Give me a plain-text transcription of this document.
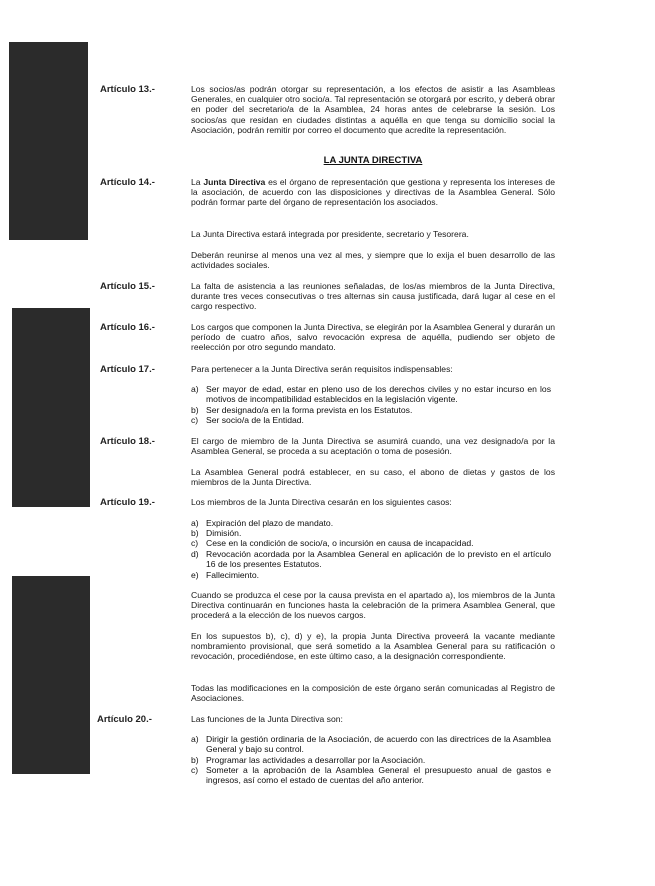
Artículo 13.-	Los socios/as podrán otorgar su representación, a los efectos de asistir a las Asambleas Generales, en cualquier otro socio/a. Tal representación se otorgará por escrito, y deberá obrar en poder del secretario/a de la Asamblea, 24 horas antes de celebrarse la sesión. Los socios/as que residan en ciudades distintas a aquélla en que tenga su domicilio social la Asociación, podrán remitir por correo el documento que acredite la representación.
LA JUNTA DIRECTIVA
Artículo 14.-	La Junta Directiva es el órgano de representación que gestiona y representa los intereses de la asociación, de acuerdo con las disposiciones y directivas de la Asamblea General. Sólo podrán formar parte del órgano de representación los asociados.
La Junta Directiva estará integrada por presidente, secretario y Tesorera.
Deberán reunirse al menos una vez al mes, y siempre que lo exija el buen desarrollo de las actividades sociales.
Artículo 15.-	La falta de asistencia a las reuniones señaladas, de los/as miembros de la Junta Directiva, durante tres veces consecutivas o tres alternas sin causa justificada, dará lugar al cese en el cargo respectivo.
Artículo 16.-	Los cargos que componen la Junta Directiva, se elegirán por la Asamblea General y durarán un período de cuatro años, salvo revocación expresa de aquélla, pudiendo ser objeto de reelección por otro segundo mandato.
Artículo 17.-	Para pertenecer a la Junta Directiva serán requisitos indispensables:
a) Ser mayor de edad, estar en pleno uso de los derechos civiles y no estar incurso en los motivos de incompatibilidad establecidos en la legislación vigente.
b) Ser designado/a en la forma prevista en los Estatutos.
c) Ser socio/a de la Entidad.
Artículo 18.-	El cargo de miembro de la Junta Directiva se asumirá cuando, una vez designado/a por la Asamblea General, se proceda a su aceptación o toma de posesión.
La Asamblea General podrá establecer, en su caso, el abono de dietas y gastos de los miembros de la Junta Directiva.
Artículo 19.-	Los miembros de la Junta Directiva cesarán en los siguientes casos:
a) Expiración del plazo de mandato.
b) Dimisión.
c) Cese en la condición de socio/a, o incursión en causa de incapacidad.
d) Revocación acordada por la Asamblea General en aplicación de lo previsto en el artículo 16 de los presentes Estatutos.
e) Fallecimiento.
Cuando se produzca el cese por la causa prevista en el apartado a), los miembros de la Junta Directiva continuarán en funciones hasta la celebración de la primera Asamblea General, que procederá a la elección de los nuevos cargos.
En los supuestos b), c), d) y e), la propia Junta Directiva proveerá la vacante mediante nombramiento provisional, que será sometido a la Asamblea General para su ratificación o revocación, procediéndose, en este último caso, a la designación correspondiente.
Todas las modificaciones en la composición de este órgano serán comunicadas al Registro de Asociaciones.
Artículo 20.-	Las funciones de la Junta Directiva son:
a) Dirigir la gestión ordinaria de la Asociación, de acuerdo con las directrices de la Asamblea General y bajo su control.
b) Programar las actividades a desarrollar por la Asociación.
c) Someter a la aprobación de la Asamblea General el presupuesto anual de gastos e ingresos, así como el estado de cuentas del año anterior.
